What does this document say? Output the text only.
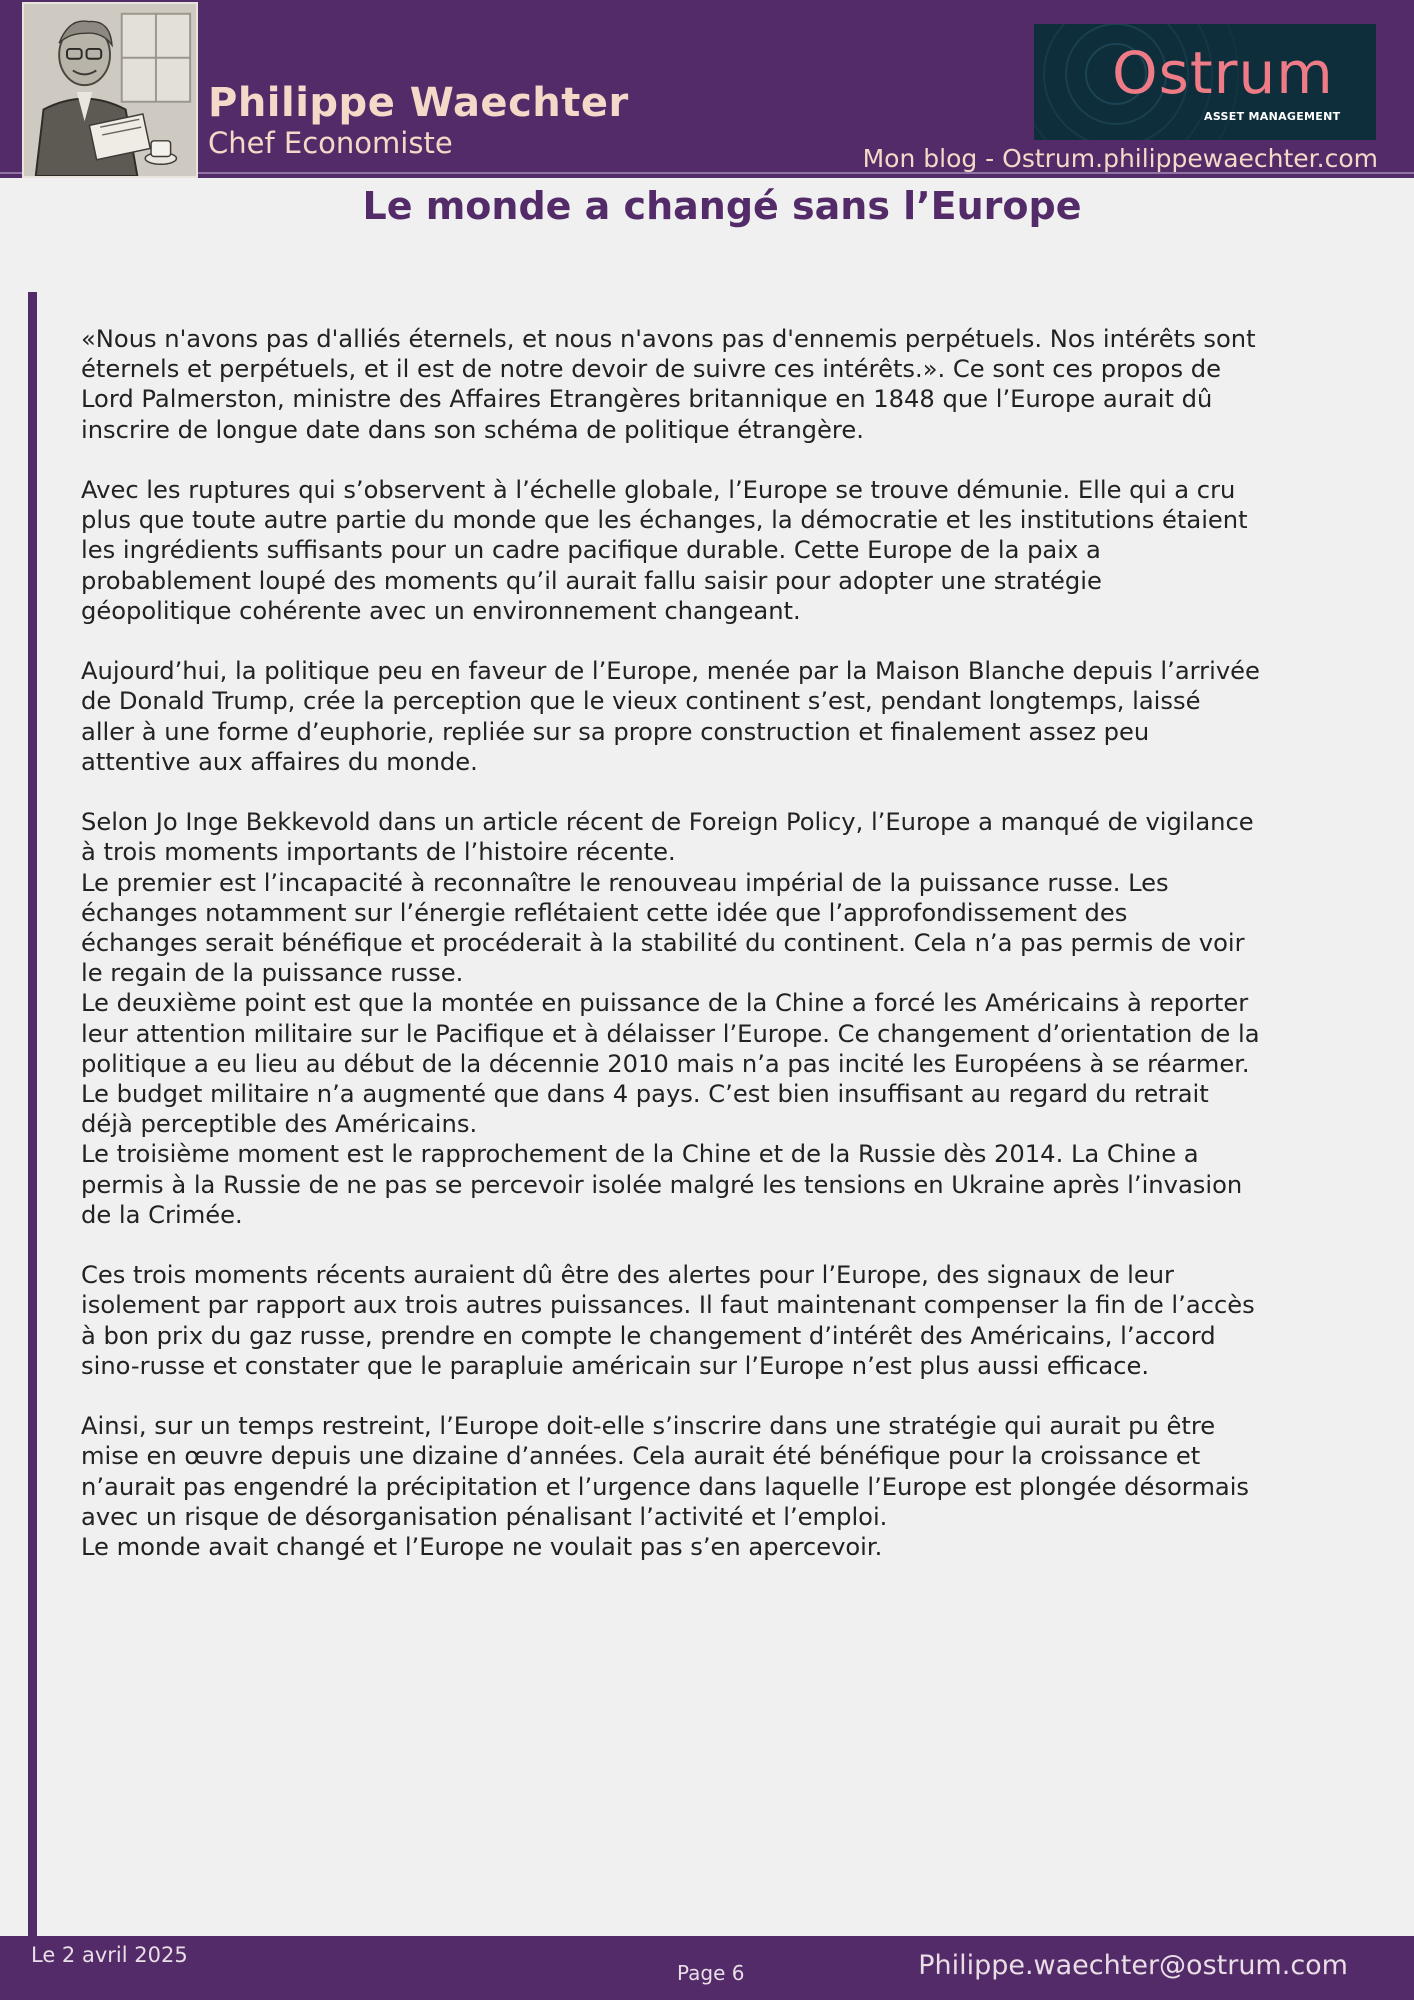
Philippe Waechter
Chef Economiste
Ostrum
ASSET MANAGEMENT
Mon blog - Ostrum.philippewaechter.com
Le monde a changé sans l’Europe

«Nous n'avons pas d'alliés éternels, et nous n'avons pas d'ennemis perpétuels. Nos intérêts sont
éternels et perpétuels, et il est de notre devoir de suivre ces intérêts.». Ce sont ces propos de
Lord Palmerston, ministre des Affaires Etrangères britannique en 1848 que l’Europe aurait dû
inscrire de longue date dans son schéma de politique étrangère.

Avec les ruptures qui s’observent à l’échelle globale, l’Europe se trouve démunie. Elle qui a cru
plus que toute autre partie du monde que les échanges, la démocratie et les institutions étaient
les ingrédients suffisants pour un cadre pacifique durable. Cette Europe de la paix a
probablement loupé des moments qu’il aurait fallu saisir pour adopter une stratégie
géopolitique cohérente avec un environnement changeant.

Aujourd’hui, la politique peu en faveur de l’Europe, menée par la Maison Blanche depuis l’arrivée
de Donald Trump, crée la perception que le vieux continent s’est, pendant longtemps, laissé
aller à une forme d’euphorie, repliée sur sa propre construction et finalement assez peu
attentive aux affaires du monde.

Selon Jo Inge Bekkevold dans un article récent de Foreign Policy, l’Europe a manqué de vigilance
à trois moments importants de l’histoire récente.
Le premier est l’incapacité à reconnaître le renouveau impérial de la puissance russe. Les
échanges notamment sur l’énergie reflétaient cette idée que l’approfondissement des
échanges serait bénéfique et procéderait à la stabilité du continent. Cela n’a pas permis de voir
le regain de la puissance russe.
Le deuxième point est que la montée en puissance de la Chine a forcé les Américains à reporter
leur attention militaire sur le Pacifique et à délaisser l’Europe. Ce changement d’orientation de la
politique a eu lieu au début de la décennie 2010 mais n’a pas incité les Européens à se réarmer.
Le budget militaire n’a augmenté que dans 4 pays. C’est bien insuffisant au regard du retrait
déjà perceptible des Américains.
Le troisième moment est le rapprochement de la Chine et de la Russie dès 2014. La Chine a
permis à la Russie de ne pas se percevoir isolée malgré les tensions en Ukraine après l’invasion
de la Crimée.

Ces trois moments récents auraient dû être des alertes pour l’Europe, des signaux de leur
isolement par rapport aux trois autres puissances. Il faut maintenant compenser la fin de l’accès
à bon prix du gaz russe, prendre en compte le changement d’intérêt des Américains, l’accord
sino-russe et constater que le parapluie américain sur l’Europe n’est plus aussi efficace.

Ainsi, sur un temps restreint, l’Europe doit-elle s’inscrire dans une stratégie qui aurait pu être
mise en œuvre depuis une dizaine d’années. Cela aurait été bénéfique pour la croissance et
n’aurait pas engendré la précipitation et l’urgence dans laquelle l’Europe est plongée désormais
avec un risque de désorganisation pénalisant l’activité et l’emploi.
Le monde avait changé et l’Europe ne voulait pas s’en apercevoir.

Le 2 avril 2025
Page 6	Philippe.waechter@ostrum.com
